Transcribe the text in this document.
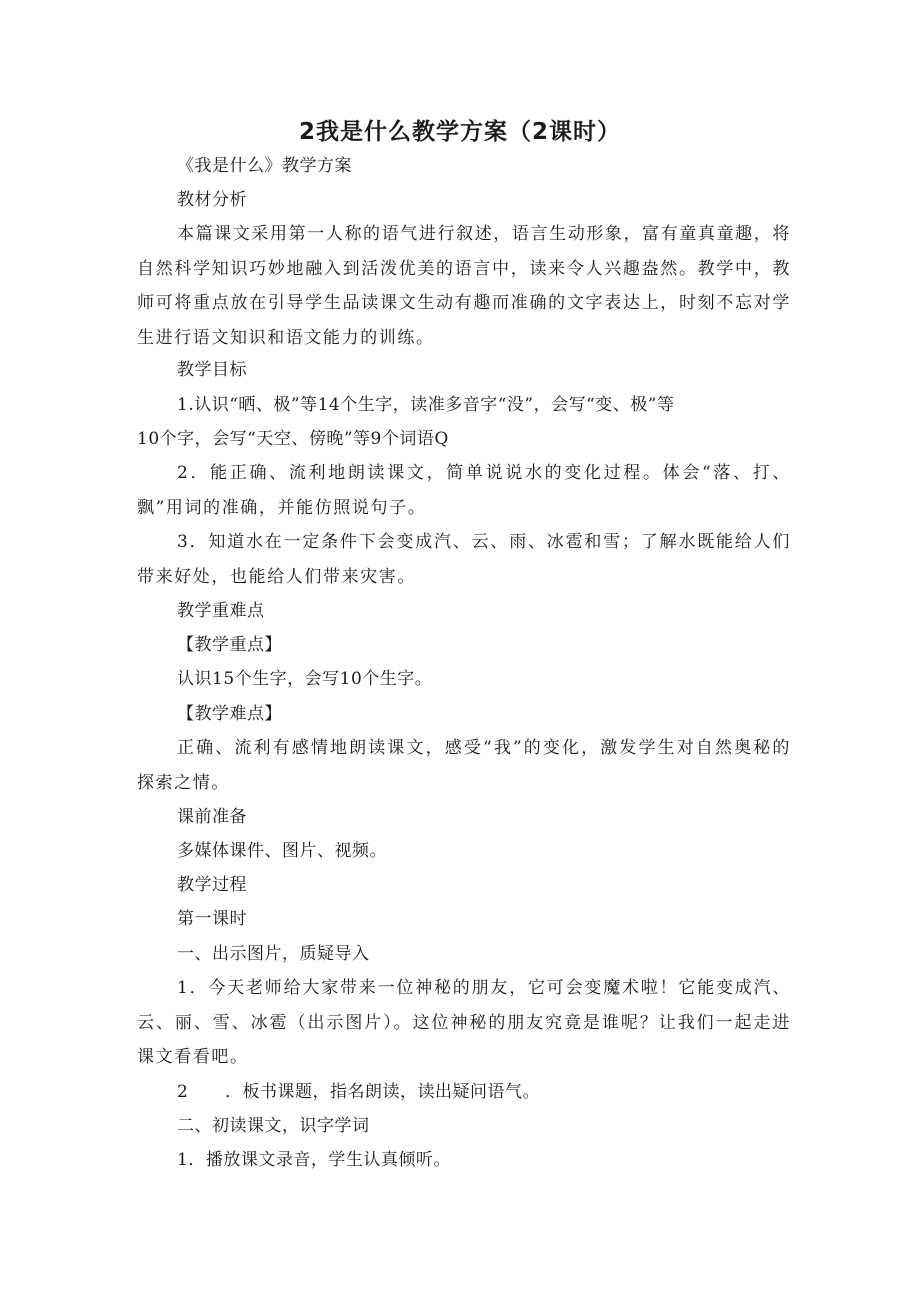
2我是什么教学方案（2课时）
《我是什么》教学方案
教材分析
本篇课文采用第一人称的语气进行叙述，语言生动形象，富有童真童趣，将自然科学知识巧妙地融入到活泼优美的语言中，读来令人兴趣盎然。教学中，教师可将重点放在引导学生品读课文生动有趣而准确的文字表达上，时刻不忘对学生进行语文知识和语文能力的训练。
教学目标
1.认识“晒、极”等14个生字，读准多音字“没”，会写“变、极”等
10个字，会写“天空、傍晚”等9个词语Q
2．能正确、流利地朗读课文，简单说说水的变化过程。体会“落、打、飘”用词的准确，并能仿照说句子。
3．知道水在一定条件下会变成汽、云、雨、冰雹和雪；了解水既能给人们带来好处，也能给人们带来灾害。
教学重难点
【教学重点】
认识15个生字，会写10个生字。
【教学难点】
正确、流利有感情地朗读课文，感受“我”的变化，激发学生对自然奥秘的探索之情。
课前准备
多媒体课件、图片、视频。
教学过程
第一课时
一、出示图片，质疑导入
1．今天老师给大家带来一位神秘的朋友，它可会变魔术啦！它能变成汽、云、丽、雪、冰雹（出示图片）。这位神秘的朋友究竟是谁呢？让我们一起走进课文看看吧。
2 ．板书课题，指名朗读，读出疑问语气。
二、初读课文，识字学词
1．播放课文录音，学生认真倾听。
